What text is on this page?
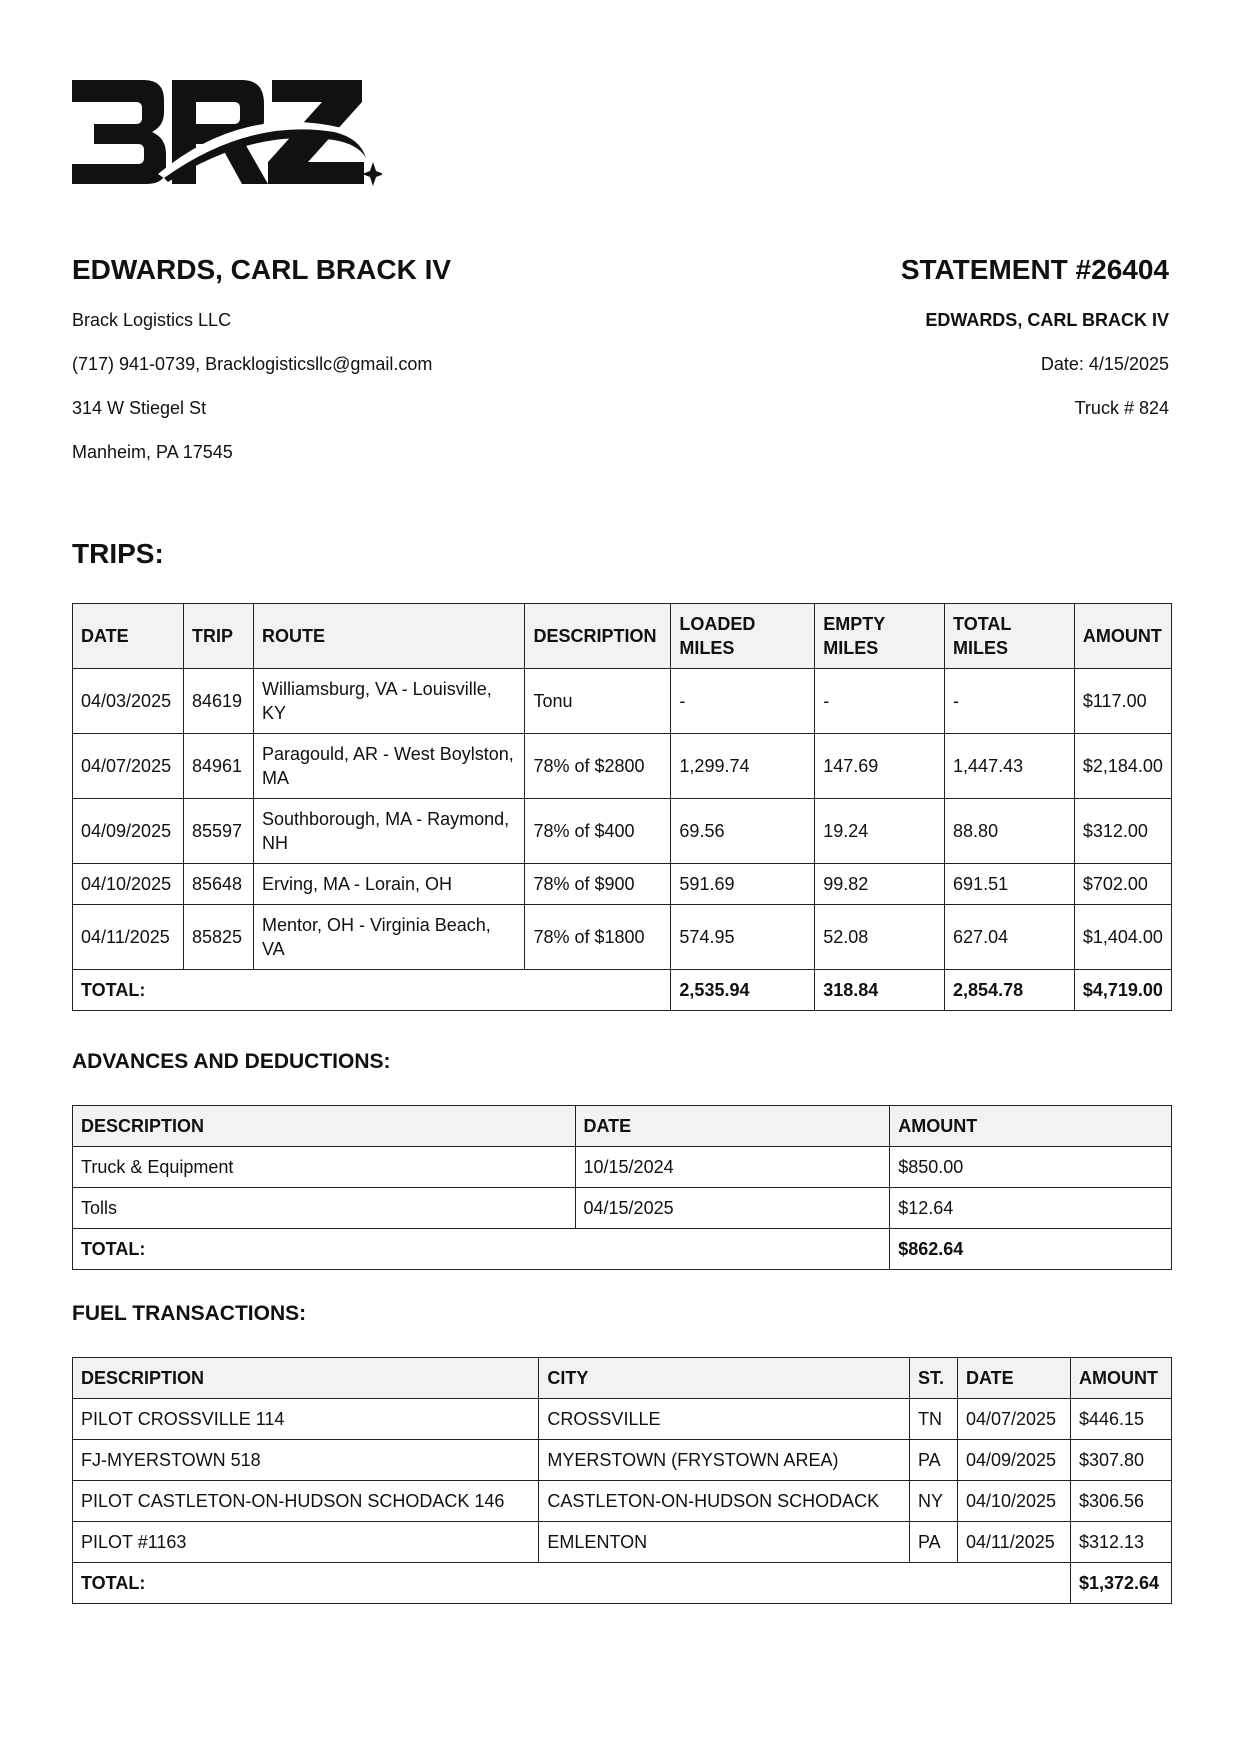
EDWARDS, CARL BRACK IV
Brack Logistics LLC
(717) 941-0739, Bracklogisticsllc@gmail.com
314 W Stiegel St
Manheim, PA 17545
STATEMENT #26404
EDWARDS, CARL BRACK IV
Date: 4/15/2025
Truck # 824
TRIPS:
DATE	TRIP	ROUTE	DESCRIPTION	LOADED MILES	EMPTY MILES	TOTAL MILES	AMOUNT
04/03/2025	84619	Williamsburg, VA - Louisville, KY	Tonu	-	-	-	$117.00
04/07/2025	84961	Paragould, AR - West Boylston, MA	78% of $2800	1,299.74	147.69	1,447.43	$2,184.00
04/09/2025	85597	Southborough, MA - Raymond, NH	78% of $400	69.56	19.24	88.80	$312.00
04/10/2025	85648	Erving, MA - Lorain, OH	78% of $900	591.69	99.82	691.51	$702.00
04/11/2025	85825	Mentor, OH - Virginia Beach, VA	78% of $1800	574.95	52.08	627.04	$1,404.00
TOTAL:				2,535.94	318.84	2,854.78	$4,719.00
ADVANCES AND DEDUCTIONS:
DESCRIPTION	DATE	AMOUNT
Truck & Equipment	10/15/2024	$850.00
Tolls	04/15/2025	$12.64
TOTAL:		$862.64
FUEL TRANSACTIONS:
DESCRIPTION	CITY	ST.	DATE	AMOUNT
PILOT CROSSVILLE 114	CROSSVILLE	TN	04/07/2025	$446.15
FJ-MYERSTOWN 518	MYERSTOWN (FRYSTOWN AREA)	PA	04/09/2025	$307.80
PILOT CASTLETON-ON-HUDSON SCHODACK 146	CASTLETON-ON-HUDSON SCHODACK	NY	04/10/2025	$306.56
PILOT #1163	EMLENTON	PA	04/11/2025	$312.13
TOTAL:				$1,372.64
